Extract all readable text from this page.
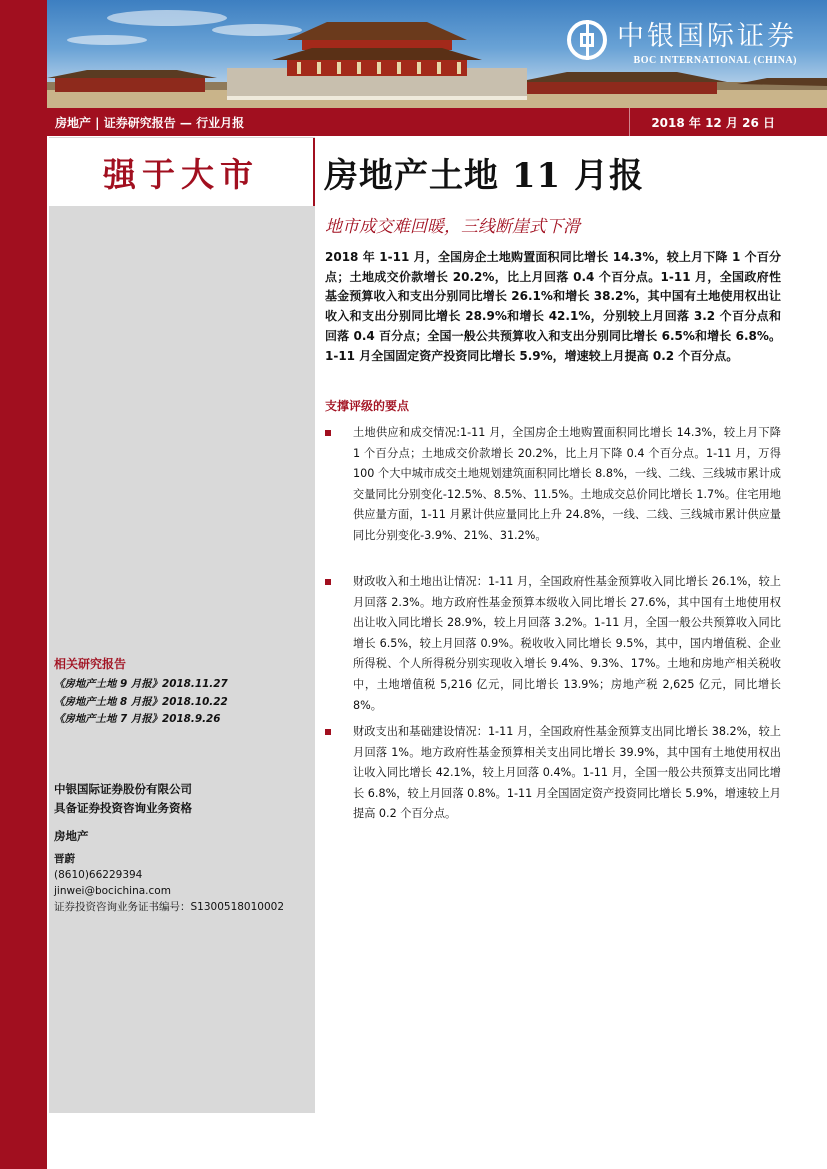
中银国际证券
BOC INTERNATIONAL (CHINA)
房地产 | 证券研究报告 — 行业月报	2018 年 12 月 26 日
强于大市	房地产土地 11 月报
地市成交难回暖，三线断崖式下滑
2018 年 1-11 月，全国房企土地购置面积同比增长 14.3%，较上月下降 1 个百分点；土地成交价款增长 20.2%，比上月回落 0.4 个百分点。1-11 月，全国政府性基金预算收入和支出分别同比增长 26.1%和增长 38.2%，其中国有土地使用权出让收入和支出分别同比增长 28.9%和增长 42.1%，分别较上月回落 3.2 个百分点和回落 0.4 百分点；全国一般公共预算收入和支出分别同比增长 6.5%和增长 6.8%。1-11 月全国固定资产投资同比增长 5.9%，增速较上月提高 0.2 个百分点。
支撑评级的要点
土地供应和成交情况:1-11 月，全国房企土地购置面积同比增长 14.3%，较上月下降 1 个百分点；土地成交价款增长 20.2%，比上月下降 0.4 个百分点。1-11 月，万得 100 个大中城市成交土地规划建筑面积同比增长 8.8%，一线、二线、三线城市累计成交量同比分别变化-12.5%、8.5%、11.5%。土地成交总价同比增长 1.7%。住宅用地供应量方面，1-11 月累计供应量同比上升 24.8%，一线、二线、三线城市累计供应量同比分别变化-3.9%、21%、31.2%。
财政收入和土地出让情况：1-11 月，全国政府性基金预算收入同比增长 26.1%，较上月回落 2.3%。地方政府性基金预算本级收入同比增长 27.6%，其中国有土地使用权出让收入同比增长 28.9%，较上月回落 3.2%。1-11 月，全国一般公共预算收入同比增长 6.5%，较上月回落 0.9%。税收收入同比增长 9.5%，其中，国内增值税、企业所得税、个人所得税分别实现收入增长 9.4%、9.3%、17%。土地和房地产相关税收中，土地增值税 5,216 亿元，同比增长 13.9%；房地产税 2,625 亿元，同比增长 8%。
财政支出和基础建设情况：1-11 月，全国政府性基金预算支出同比增长 38.2%，较上月回落 1%。地方政府性基金预算相关支出同比增长 39.9%，其中国有土地使用权出让收入同比增长 42.1%，较上月回落 0.4%。1-11 月，全国一般公共预算支出同比增长 6.8%，较上月回落 0.8%。1-11 月全国固定资产投资同比增长 5.9%，增速较上月提高 0.2 个百分点。
相关研究报告
《房地产土地 9 月报》2018.11.27
《房地产土地 8 月报》2018.10.22
《房地产土地 7 月报》2018.9.26
中银国际证券股份有限公司
具备证券投资咨询业务资格
房地产
晋蔚
(8610)66229394
jinwei@bocichina.com
证券投资咨询业务证书编号：S1300518010002
